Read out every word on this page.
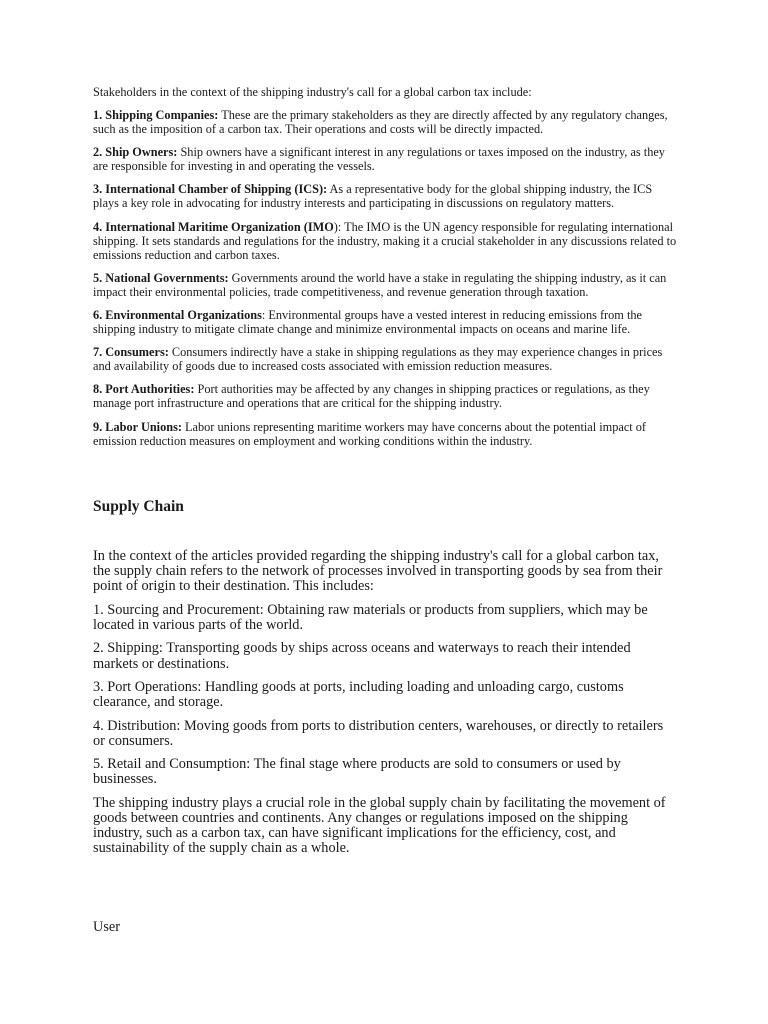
Stakeholders in the context of the shipping industry's call for a global carbon tax include:

1. Shipping Companies: These are the primary stakeholders as they are directly affected by any regulatory changes, such as the imposition of a carbon tax. Their operations and costs will be directly impacted.
2. Ship Owners: Ship owners have a significant interest in any regulations or taxes imposed on the industry, as they are responsible for investing in and operating the vessels.
3. International Chamber of Shipping (ICS): As a representative body for the global shipping industry, the ICS plays a key role in advocating for industry interests and participating in discussions on regulatory matters.
4. International Maritime Organization (IMO): The IMO is the UN agency responsible for regulating international shipping. It sets standards and regulations for the industry, making it a crucial stakeholder in any discussions related to emissions reduction and carbon taxes.
5. National Governments: Governments around the world have a stake in regulating the shipping industry, as it can impact their environmental policies, trade competitiveness, and revenue generation through taxation.
6. Environmental Organizations: Environmental groups have a vested interest in reducing emissions from the shipping industry to mitigate climate change and minimize environmental impacts on oceans and marine life.
7. Consumers: Consumers indirectly have a stake in shipping regulations as they may experience changes in prices and availability of goods due to increased costs associated with emission reduction measures.
8. Port Authorities: Port authorities may be affected by any changes in shipping practices or regulations, as they manage port infrastructure and operations that are critical for the shipping industry.
9. Labor Unions: Labor unions representing maritime workers may have concerns about the potential impact of emission reduction measures on employment and working conditions within the industry.
Supply Chain

In the context of the articles provided regarding the shipping industry's call for a global carbon tax, the supply chain refers to the network of processes involved in transporting goods by sea from their point of origin to their destination. This includes:

1. Sourcing and Procurement: Obtaining raw materials or products from suppliers, which may be located in various parts of the world.

2. Shipping: Transporting goods by ships across oceans and waterways to reach their intended markets or destinations.

3. Port Operations: Handling goods at ports, including loading and unloading cargo, customs clearance, and storage.

4. Distribution: Moving goods from ports to distribution centers, warehouses, or directly to retailers or consumers.

5. Retail and Consumption: The final stage where products are sold to consumers or used by businesses.

The shipping industry plays a crucial role in the global supply chain by facilitating the movement of goods between countries and continents. Any changes or regulations imposed on the shipping industry, such as a carbon tax, can have significant implications for the efficiency, cost, and sustainability of the supply chain as a whole.

User
